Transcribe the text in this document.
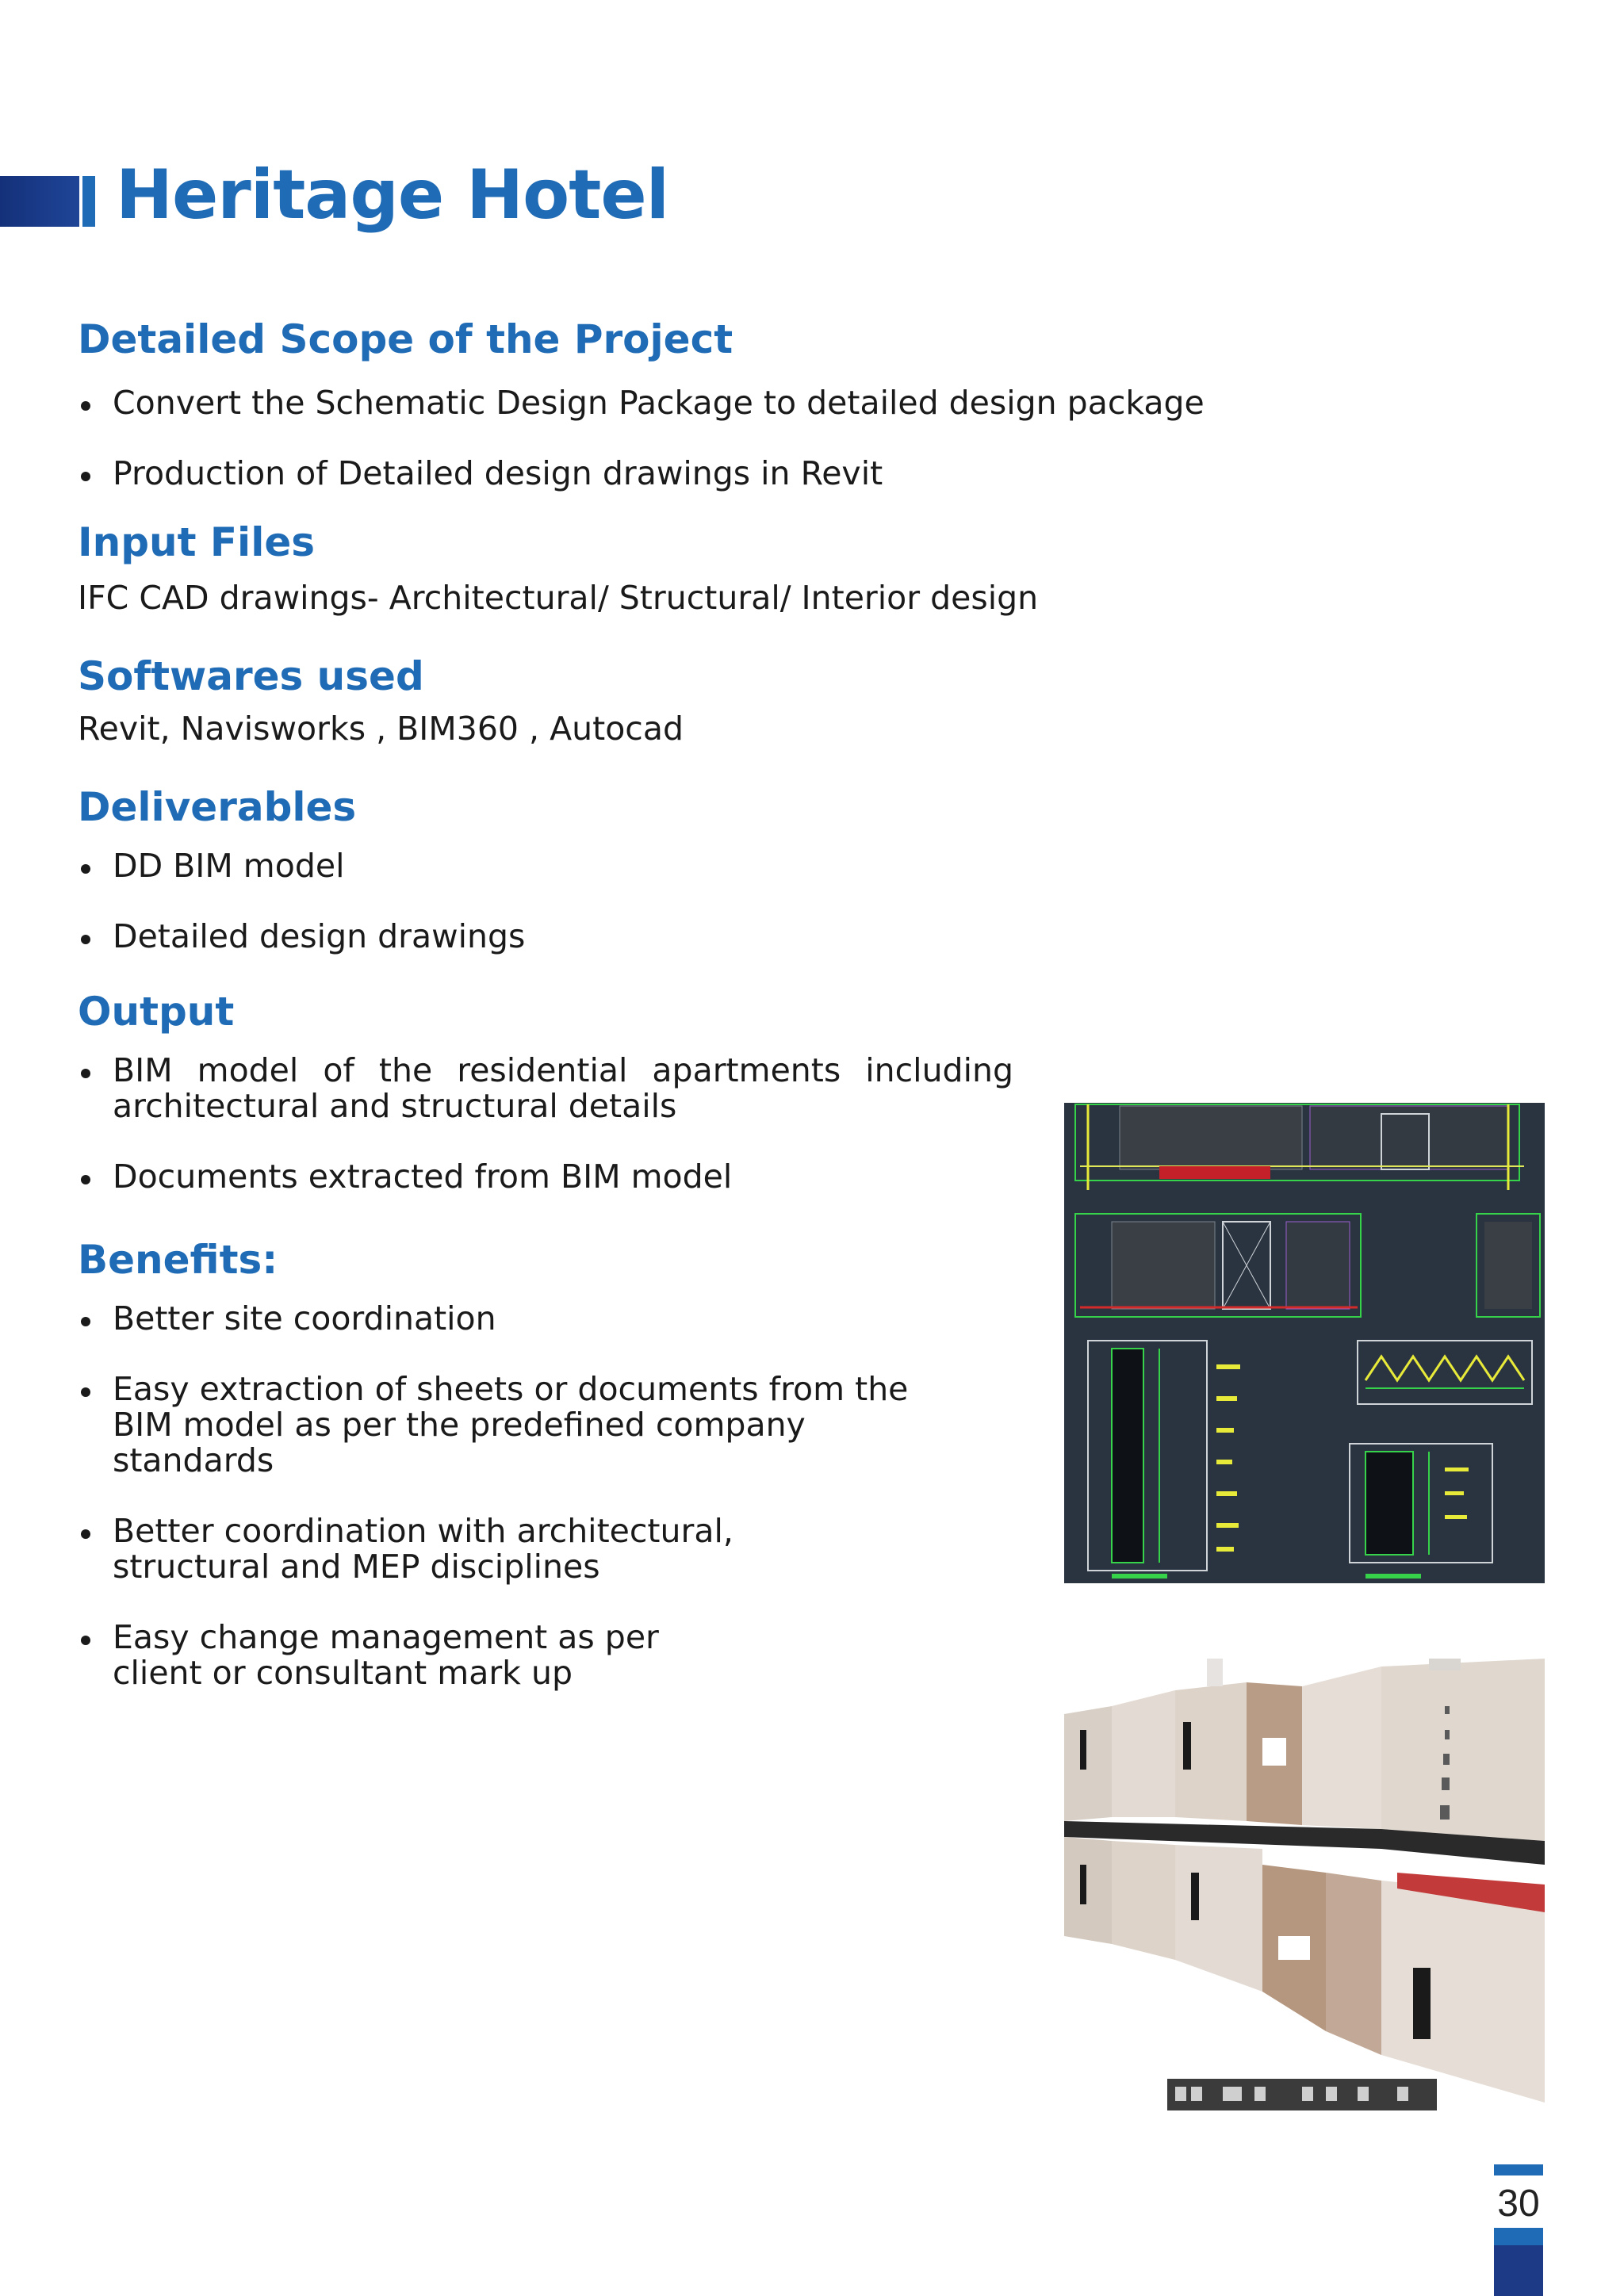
Heritage Hotel
Detailed Scope of the Project
Convert the Schematic Design Package to detailed design package
Production of Detailed design drawings in Revit
Input Files

IFC CAD drawings- Architectural/ Structural/ Interior design

Softwares used

Revit, Navisworks , BIM360 , Autocad

Deliverables
DD BIM model
Detailed design drawings
Output
BIM model of the residential apartments including architectural and structural details
Documents extracted from BIM model
Benefits:
Better site coordination
Easy extraction of sheets or documents from the BIM model as per the predefined company standards
Better coordination with architectural, structural and MEP disciplines
Easy change management as per client or consultant mark up
30
